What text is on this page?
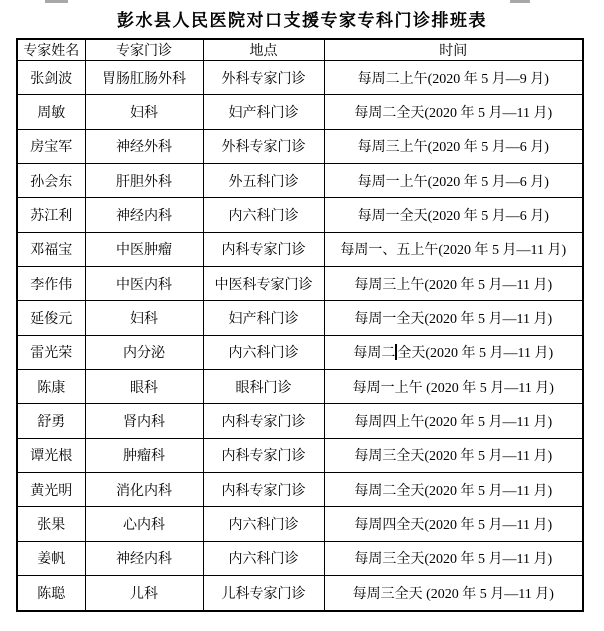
彭水县人民医院对口支援专家专科门诊排班表
专家姓名	专家门诊	地点	时间
张剑波	胃肠肛肠外科	外科专家门诊	每周二上午(2020 年 5 月—9 月)
周敏	妇科	妇产科门诊	每周二全天(2020 年 5 月—11 月)
房宝军	神经外科	外科专家门诊	每周三上午(2020 年 5 月—6 月)
孙会东	肝胆外科	外五科门诊	每周一上午(2020 年 5 月—6 月)
苏江利	神经内科	内六科门诊	每周一全天(2020 年 5 月—6 月)
邓福宝	中医肿瘤	内科专家门诊	每周一、五上午(2020 年 5 月—11 月)
李作伟	中医内科	中医科专家门诊	每周三上午(2020 年 5 月—11 月)
延俊元	妇科	妇产科门诊	每周一全天(2020 年 5 月—11 月)
雷光荣	内分泌	内六科门诊	每周二 全天(2020 年 5 月—11 月)
陈康	眼科	眼科门诊	每周一上午 (2020 年 5 月—11 月)
舒勇	肾内科	内科专家门诊	每周四上午(2020 年 5 月—11 月)
谭光根	肿瘤科	内科专家门诊	每周三全天(2020 年 5 月—11 月)
黄光明	消化内科	内科专家门诊	每周二全天(2020 年 5 月—11 月)
张果	心内科	内六科门诊	每周四全天(2020 年 5 月—11 月)
姜帆	神经内科	内六科门诊	每周三全天(2020 年 5 月—11 月)
陈聪	儿科	儿科专家门诊	每周三全天 (2020 年 5 月—11 月)
